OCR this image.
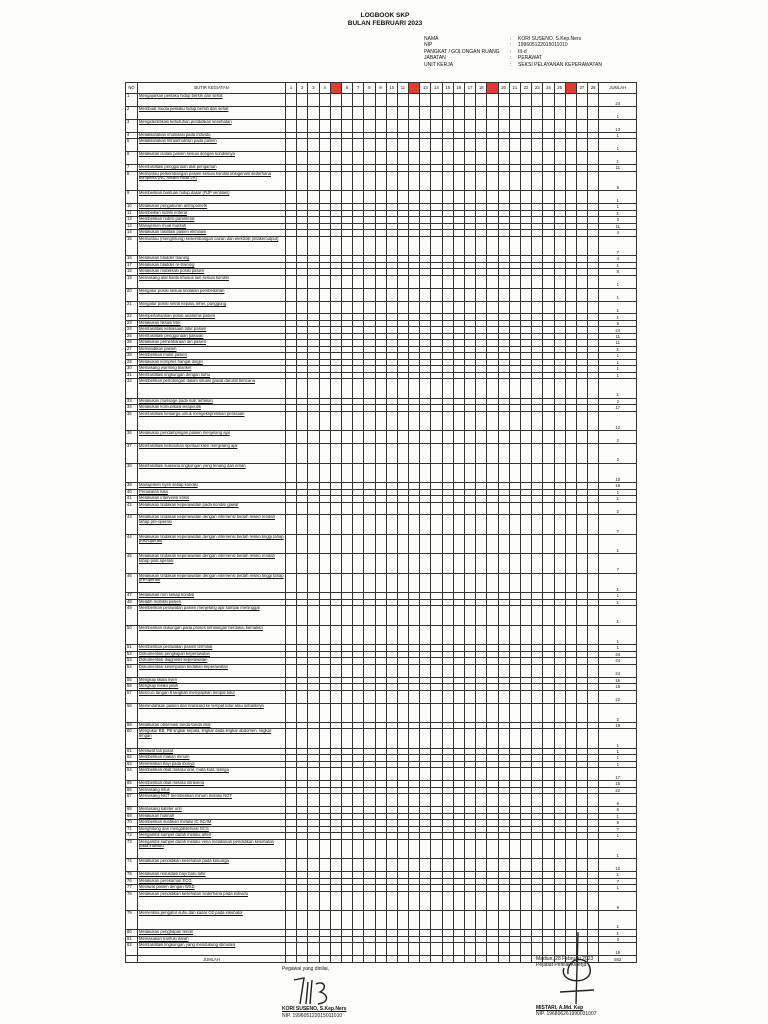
LOGBOOK SKP
BULAN FEBRUARI 2023
NAMA	:	KORI SUSENO, S.Kep.Ners
NIP	:	199605122015011010
PANGKAT / GOLONGAN RUANG	:	III-d
JABATAN	:	PERAWAT
UNIT KERJA	:	SEKSI PELAYANAN KEPERAWATAN
NO	BUTIR KEGIATAN	1	2	3	4	5	6	7	8	9	10	11	12	13	14	15	16	17	18	19	20	21	22	23	24	25	26	27	28	JUMLAH
1	Mengajarkan perilaku hidup bersih dan sehat																													24
2	Membuat media perilaku hidup bersih dan sehat																													1
3	Mengidentifikasi kebutuhan pendidikan kesehatan																													13
4	Melaksanakan imunisasi pada individu																													1
5	Melaksanakan filtrasi/nutrisin pada pasien																													1
6	Melakukan isolasi pasien sesuai dengan kondisinya																													1
7	Memfasilitasi penggunaan alat pengaman																													11
8	Memantau perkembangan pasien sesuai kondisi obsigenasi sederhana kompleks (NC NRBM RBM JR)																													5
9	Memberikan bantuan hidup dasar (RJP ventilasi)																													1
10	Melakukan pengukuran antropometri																													1
11	Membeikan nutrisi enteral																													1
12	Memberikan nutrisi parenteral																													3
13	Manajemen mual muntah																													11
14	Melakukan fasilitasi pasien eliminasi																													4
15	Memantau (menghitung) keseimbangan cairan dan elektrolit (intake/output)																													7
16	Melakukan bladder training																													4
17	Melakukan bladder re-training																													1
18	Melakukan mobilisasi posisi pasien																													8
19	Memasang alat bantu khusus lain sesuai kondisi																													1
20	Mengatur posisi sesuai tindakan pembedahan																													1
21	Mengatur posisi netral kepala, leher, punggung																													1
22	Mempertahankan posisi anatomis pasien																													1
23	Melakukan fiksasi fisik																													5
24	Memfasilitasi kebiasaan tidur pasien																													24
25	Memfasilitasi penggunaan pakaian																													11
26	Melakukan pemeliharaan diri pasien																													11
27	Memandikan pasien																													1
28	Memberikan mulut pasien																													1
29	Melakukan kompres hangat dingin																													1
30	Memasang warming blanket																													1
31	Memfasilitasi lingkungan dengan suhu																													1
32	Memberikan pertolongan dalam situasi gawat darurat bencana																													1
33	Melakukan massage pada kulit tertekan																													2
34	Melakukan komunikasi terapeutik																													17
35	Memfasilitasi keluarga untuk mengekspresikan perasaan																													12
36	Melakukan pendampingan pasien menjelang ajal																													2
37	Memfasilitasi kebutuhan spiritual klien menjelang ajal																													2
38	Memfasilitasi suasana lingkungan yang tenang dan aman																													10
39	Manajemen nyeri setiap kondisi																													15
40	Perawatan luka																													1
41	Melakukan intervensi krisis																													1
42	Melakukan tindakan keperawatan pada kondisi gawat																													2
43	Melakukan tindakan keperawatan dengan intervensi bedah resiko rendah tahap pre-operasi																													7
44	Melakukan tindakan keperawatan dengan intervensi bedah resiko tinggi tahap post-operasi																													1
45	Melakukan tindakan keperawatan dengan intervensi bedah resiko rendah tahap post operasi																													7
46	Melakukan tindakan keperawatan dengan intervensi bedah resiko tinggi tahap pre-operasi																													1
47	Melakukan rom setiap kondisi																													1
48	Melatih mobilisi pasien																													1
49	Memberikan perawatan pasien menjelang ajal sampai meninggal																													1
50	Memberikan dukungan pada proses kehilangan berduka, kematian																													1
51	Memberikan perawatan pasien terminal																													1
52	Dokumentasi pengkajian keperawatan																													24
53	Dokumentasi diagnosis keperawatan																													24
54	Dokumentasi kesimpulan tindakan keperawatan																													24
55	Mengkaji skala nyeri																													15
56	Mengkaji resiko jatuh																													15
57	Mencuci tangan 6 langkah menyiapkan tempat tidur																													22
58	Memindahkan pasien dari brankard ke tempat tidur atau sebaliknya																													2
59	Melakukan observasi tanda-tanda vital																													19
60	Mengukur BB, PB lingkar kepala, lingkar dada lingkar abdomen, lingkar lengan																													1
61	Merawat tali pusat																													1
62	Memberikan makan minum																													1
63	Meneteskan bayi pada ibunya																													1
64	Memberikan obat melalui oral, mata kulit, telinga																													17
65	Memberikan obat melalui intravena																													15
66	Memasang infus																													22
67	Memasang NGT memberikan minum melalui NGT																													6
68	Memasang kateter urin																													6
69	Melakukan huknah																													1
70	Memberikan suntikan melalui IC SC/IM																													6
71	Menghitung dan mengobservasi GCS																													7
72	Mengambil sampel darah melalui arteri																													1
73	Mengambil sampel darah melalui vena melakukan pendidikan kesehatan pada individu																													1
74	Melakukan pendidikan kesehatan pada keluarga																													10
75	Melakukan resusitasi bayi baru lahir																													1
76	Melakukan perekaman ECG																													7
77	Merawat pasien dengan WSD																													1
78	Melakukan pendidikan kesehatan sederhana pada individu																													9
79	Memeriksa pengatur suhu dan kadar O2 pada inkubator																													1
80	Melakukan penghapan tendir																													1
81	Memasukan tranfusi darah																													3
82	Memfasilitasi lingkungan yang mendukung stimulasi																													15
	JUMLAH																													562
Pegawai yang dinilai,
KORI SUSENO, S.Kep.Ners
NIP. 199605122015011010
Madiun, 28 Februari 2023
Pejabat Penilai Kinerja
MISTARI, A.Md. Kep
NIP. 196806261990031007
